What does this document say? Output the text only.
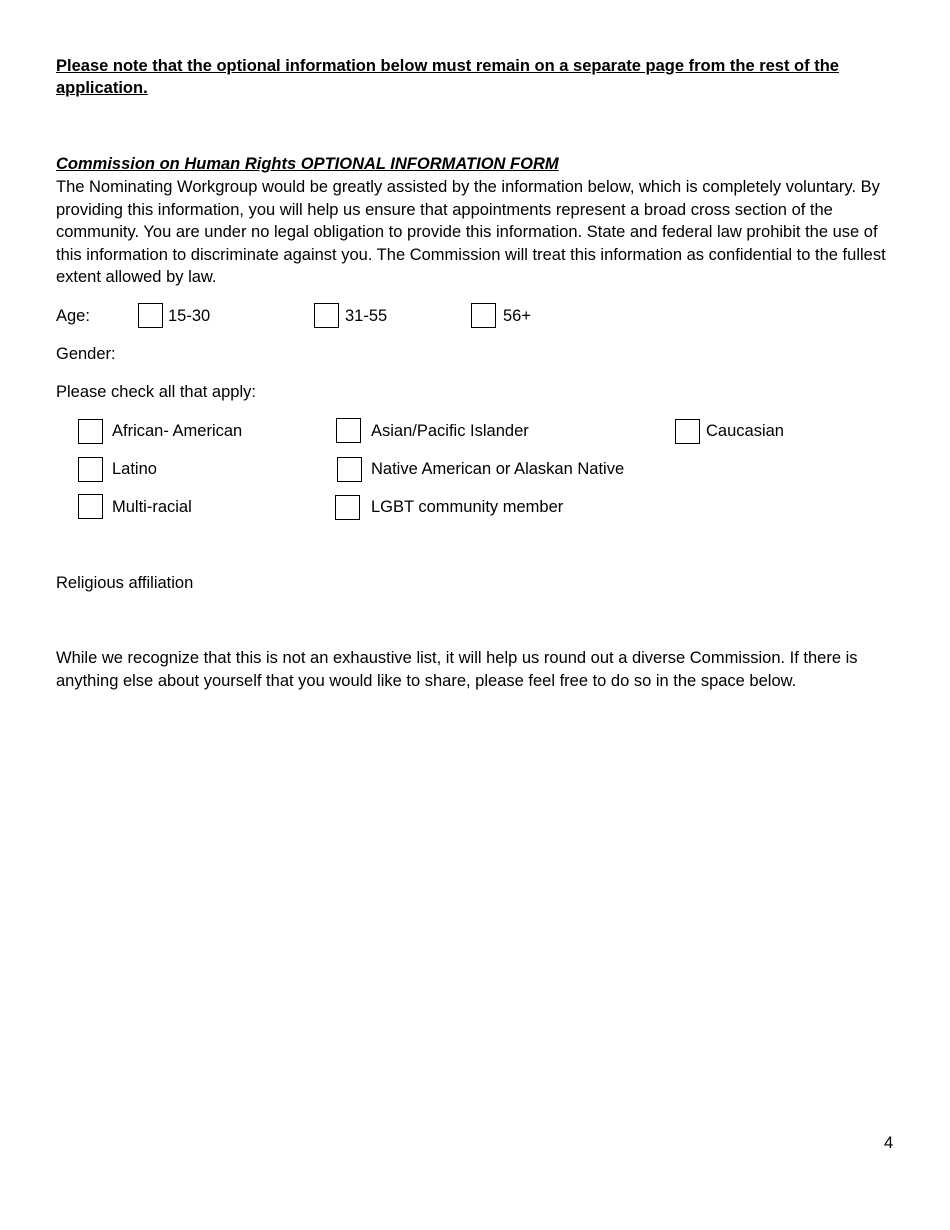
Please note that the optional information below must remain on a separate page from the rest of the application.
Commission on Human Rights OPTIONAL INFORMATION FORM
The Nominating Workgroup would be greatly assisted by the information below, which is completely voluntary. By providing this information, you will help us ensure that appointments represent a broad cross section of the community. You are under no legal obligation to provide this information. State and federal law prohibit the use of this information to discriminate against you. The Commission will treat this information as confidential to the fullest extent allowed by law.
Age:	15-30	31-55	56+
Gender:
Please check all that apply:
African- American	Asian/Pacific Islander	Caucasian
Latino	Native American or Alaskan Native
Multi-racial	LGBT community member
Religious affiliation
While we recognize that this is not an exhaustive list, it will help us round out a diverse Commission. If there is anything else about yourself that you would like to share, please feel free to do so in the space below.
4
